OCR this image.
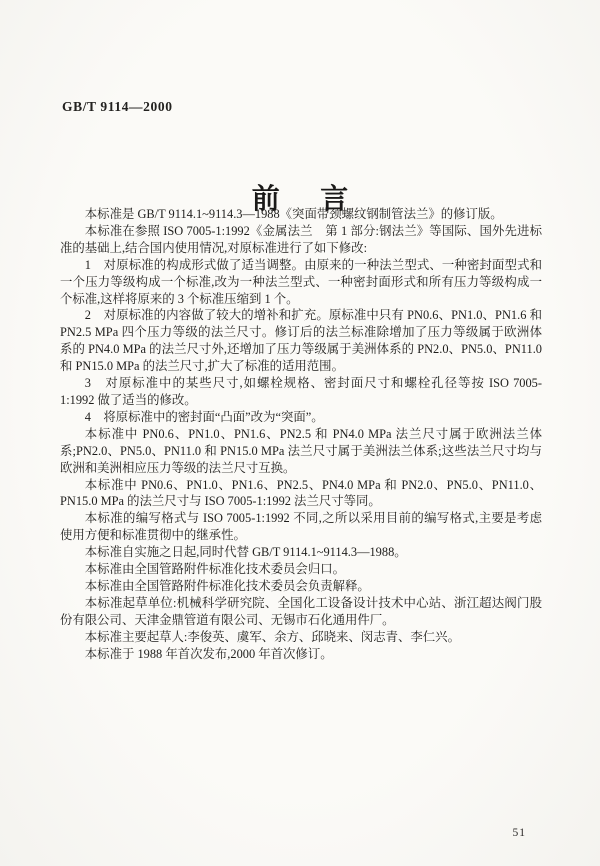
GB/T 9114—2000
前言

本标准是 GB/T 9114.1~9114.3—1988《突面带颈螺纹钢制管法兰》的修订版。

本标准在参照 ISO 7005-1:1992《金属法兰　第 1 部分:钢法兰》等国际、国外先进标准的基础上,结合国内使用情况,对原标准进行了如下修改:

1　对原标准的构成形式做了适当调整。由原来的一种法兰型式、一种密封面型式和一个压力等级构成一个标准,改为一种法兰型式、一种密封面形式和所有压力等级构成一个标准,这样将原来的 3 个标准压缩到 1 个。

2　对原标准的内容做了较大的增补和扩充。原标准中只有 PN0.6、PN1.0、PN1.6 和 PN2.5 MPa 四个压力等级的法兰尺寸。修订后的法兰标准除增加了压力等级属于欧洲体系的 PN4.0 MPa 的法兰尺寸外,还增加了压力等级属于美洲体系的 PN2.0、PN5.0、PN11.0 和 PN15.0 MPa 的法兰尺寸,扩大了标准的适用范围。

3　对原标准中的某些尺寸,如螺栓规格、密封面尺寸和螺栓孔径等按 ISO 7005-1:1992 做了适当的修改。

4　将原标准中的密封面“凸面”改为“突面”。

本标准中 PN0.6、PN1.0、PN1.6、PN2.5 和 PN4.0 MPa 法兰尺寸属于欧洲法兰体系;PN2.0、PN5.0、PN11.0 和 PN15.0 MPa 法兰尺寸属于美洲法兰体系;这些法兰尺寸均与欧洲和美洲相应压力等级的法兰尺寸互换。

本标准中 PN0.6、PN1.0、PN1.6、PN2.5、PN4.0 MPa 和 PN2.0、PN5.0、PN11.0、PN15.0 MPa 的法兰尺寸与 ISO 7005-1:1992 法兰尺寸等同。

本标准的编写格式与 ISO 7005-1:1992 不同,之所以采用目前的编写格式,主要是考虑使用方便和标准贯彻中的继承性。

本标准自实施之日起,同时代替 GB/T 9114.1~9114.3—1988。

本标准由全国管路附件标准化技术委员会归口。

本标准由全国管路附件标准化技术委员会负责解释。

本标准起草单位:机械科学研究院、全国化工设备设计技术中心站、浙江超达阀门股份有限公司、天津金鼎管道有限公司、无锡市石化通用件厂。

本标准主要起草人:李俊英、虞军、余方、邱晓来、闵志青、李仁兴。

本标准于 1988 年首次发布,2000 年首次修订。

51
